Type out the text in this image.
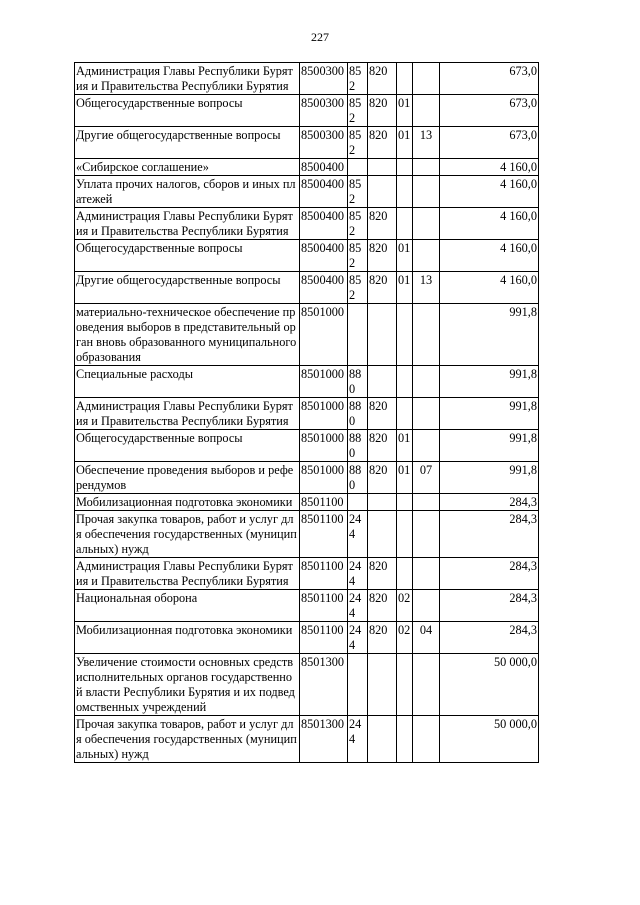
227
Администрация Главы Республики Бурятия и Правительства Республики Бурятия	8500300	852	820			673,0
Общегосударственные вопросы	8500300	852	820	01		673,0
Другие общегосударственные вопросы	8500300	852	820	01	13	673,0
«Сибирское соглашение»	8500400					4 160,0
Уплата прочих налогов, сборов и иных платежей	8500400	852				4 160,0
Администрация Главы Республики Бурятия и Правительства Республики Бурятия	8500400	852	820			4 160,0
Общегосударственные вопросы	8500400	852	820	01		4 160,0
Другие общегосударственные вопросы	8500400	852	820	01	13	4 160,0
материально-техническое обеспечение проведения выборов в представительный орган вновь образованного муниципального образования	8501000					991,8
Специальные расходы	8501000	880				991,8
Администрация Главы Республики Бурятия и Правительства Республики Бурятия	8501000	880	820			991,8
Общегосударственные вопросы	8501000	880	820	01		991,8
Обеспечение проведения выборов и референдумов	8501000	880	820	01	07	991,8
Мобилизационная подготовка экономики	8501100					284,3
Прочая закупка товаров, работ и услуг для обеспечения государственных (муниципальных) нужд	8501100	244				284,3
Администрация Главы Республики Бурятия и Правительства Республики Бурятия	8501100	244	820			284,3
Национальная оборона	8501100	244	820	02		284,3
Мобилизационная подготовка экономики	8501100	244	820	02	04	284,3
Увеличение стоимости основных средств исполнительных органов государственной власти Республики Бурятия и их подведомственных учреждений	8501300					50 000,0
Прочая закупка товаров, работ и услуг для обеспечения государственных (муниципальных) нужд	8501300	244				50 000,0
